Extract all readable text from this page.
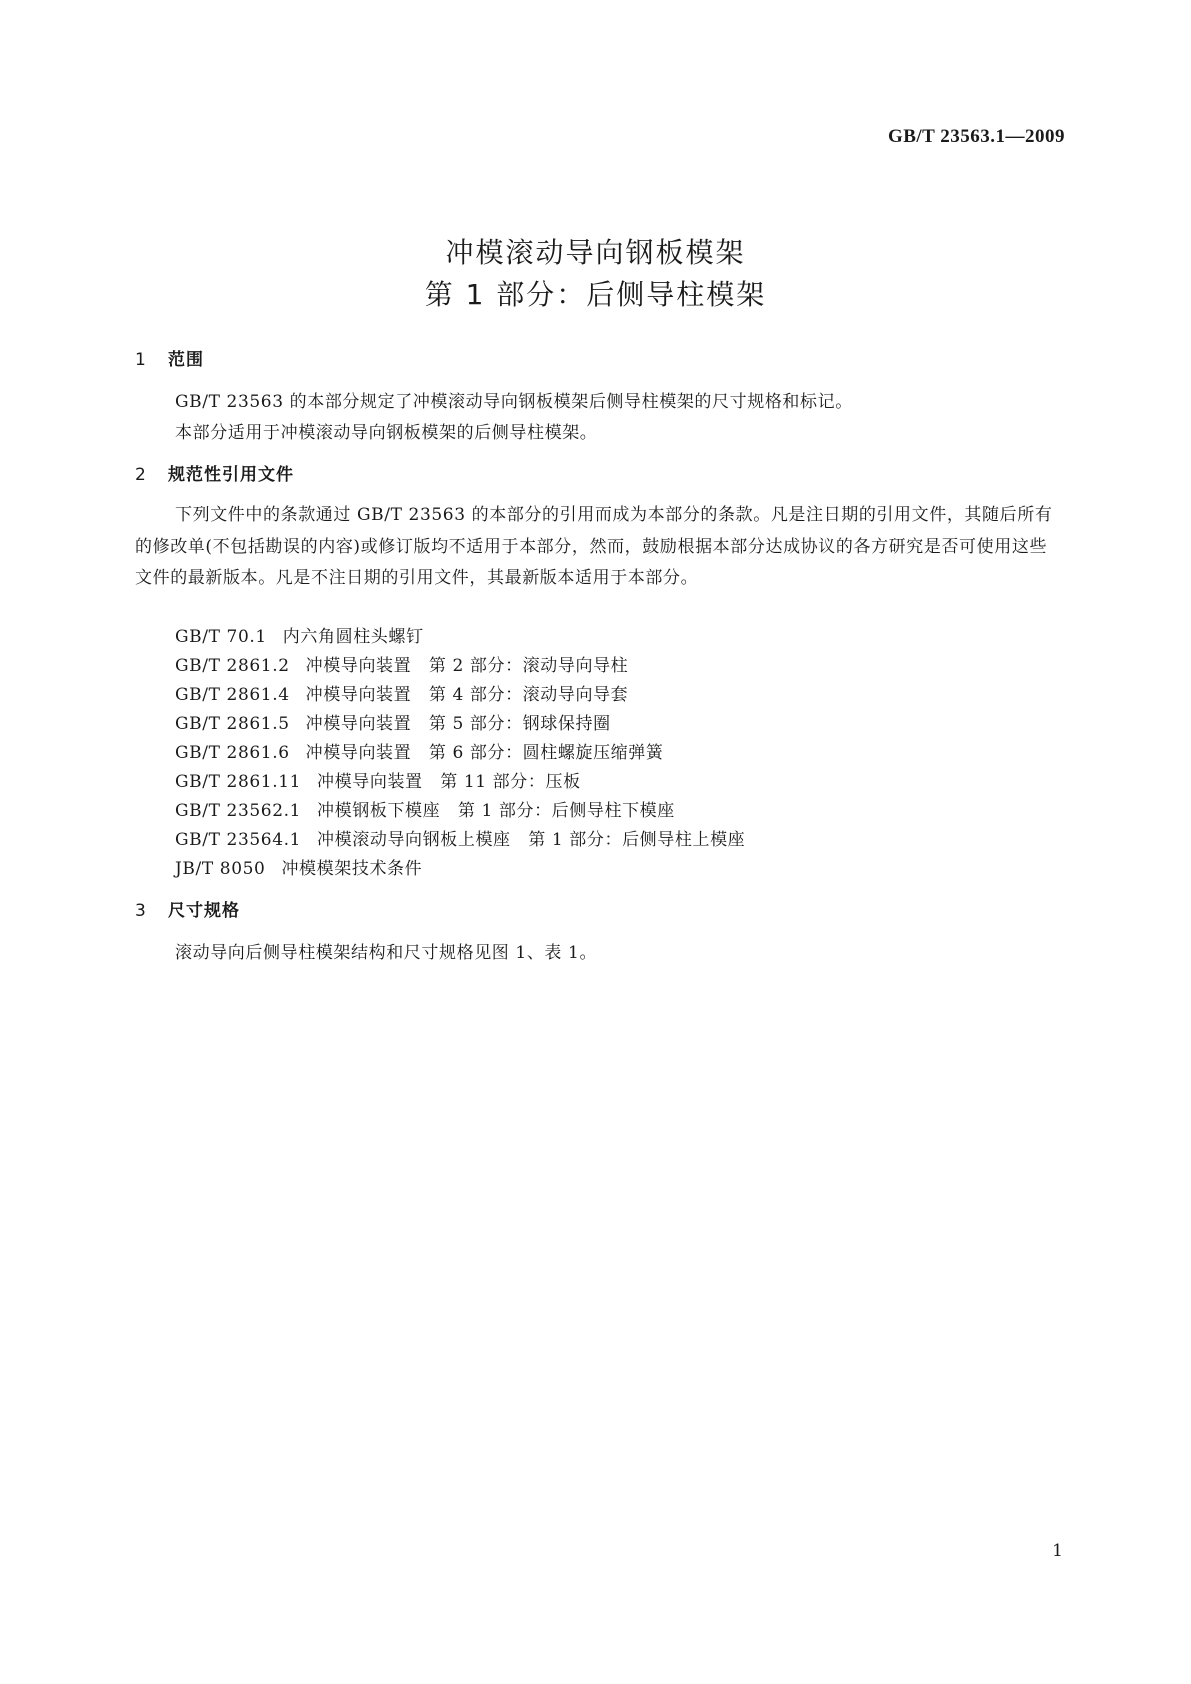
GB/T 23563.1—2009
冲模滚动导向钢板模架
第 1 部分：后侧导柱模架
1 范围
GB/T 23563 的本部分规定了冲模滚动导向钢板模架后侧导柱模架的尺寸规格和标记。
本部分适用于冲模滚动导向钢板模架的后侧导柱模架。
2 规范性引用文件
下列文件中的条款通过 GB/T 23563 的本部分的引用而成为本部分的条款。凡是注日期的引用文件，其随后所有的修改单(不包括勘误的内容)或修订版均不适用于本部分，然而，鼓励根据本部分达成协议的各方研究是否可使用这些文件的最新版本。凡是不注日期的引用文件，其最新版本适用于本部分。
GB/T 70.1 内六角圆柱头螺钉
GB/T 2861.2 冲模导向装置　第 2 部分：滚动导向导柱
GB/T 2861.4 冲模导向装置　第 4 部分：滚动导向导套
GB/T 2861.5 冲模导向装置　第 5 部分：钢球保持圈
GB/T 2861.6 冲模导向装置　第 6 部分：圆柱螺旋压缩弹簧
GB/T 2861.11 冲模导向装置　第 11 部分：压板
GB/T 23562.1 冲模钢板下模座　第 1 部分：后侧导柱下模座
GB/T 23564.1 冲模滚动导向钢板上模座　第 1 部分：后侧导柱上模座
JB/T 8050 冲模模架技术条件
3 尺寸规格
滚动导向后侧导柱模架结构和尺寸规格见图 1、表 1。
1
